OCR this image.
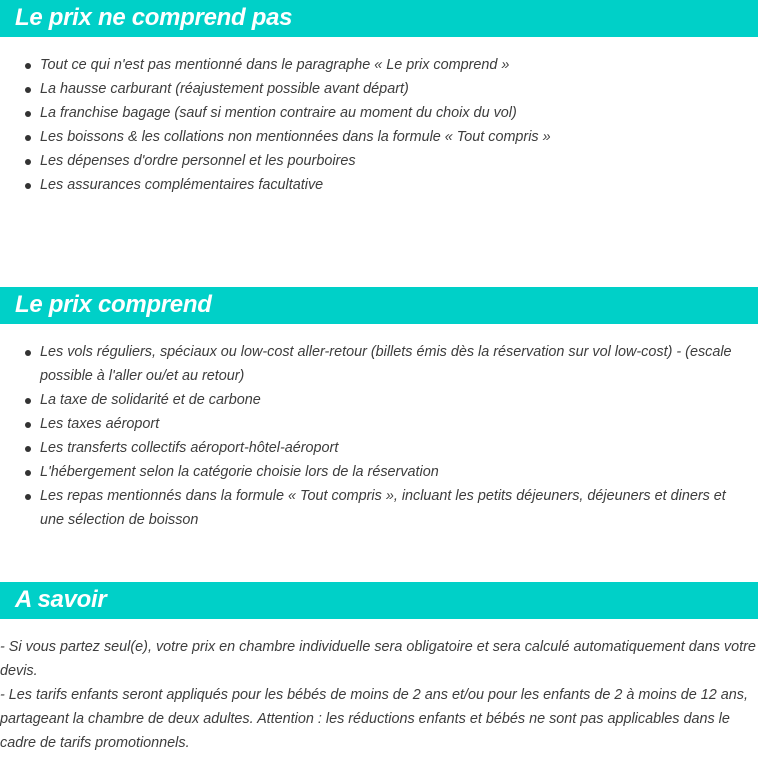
Le prix ne comprend pas
Tout ce qui n'est pas mentionné dans le paragraphe « Le prix comprend »
La hausse carburant (réajustement possible avant départ)
La franchise bagage (sauf si mention contraire au moment du choix du vol)
Les boissons & les collations non mentionnées dans la formule « Tout compris »
Les dépenses d'ordre personnel et les pourboires
Les assurances complémentaires facultative
Le prix comprend
Les vols réguliers, spéciaux ou low-cost aller-retour (billets émis dès la réservation sur vol low-cost) - (escale possible à l'aller ou/et au retour)
La taxe de solidarité et de carbone
Les taxes aéroport
Les transferts collectifs aéroport-hôtel-aéroport
L'hébergement selon la catégorie choisie lors de la réservation
Les repas mentionnés dans la formule « Tout compris », incluant les petits déjeuners, déjeuners et diners et une sélection de boisson
A savoir

- Si vous partez seul(e), votre prix en chambre individuelle sera obligatoire et sera calculé automatiquement dans votre devis.

- Les tarifs enfants seront appliqués pour les bébés de moins de 2 ans et/ou pour les enfants de 2 à moins de 12 ans, partageant la chambre de deux adultes. Attention : les réductions enfants et bébés ne sont pas applicables dans le cadre de tarifs promotionnels.
